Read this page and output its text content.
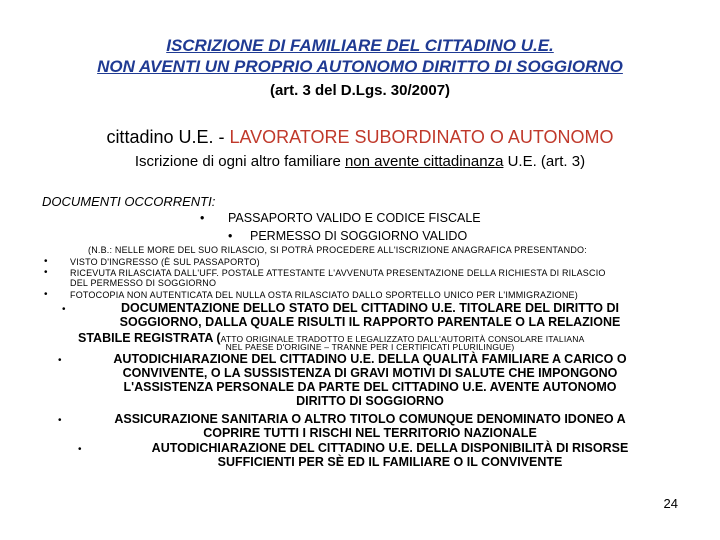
ISCRIZIONE DI FAMILIARE DEL CITTADINO U.E.
NON AVENTI UN PROPRIO AUTONOMO DIRITTO DI SOGGIORNO
(art. 3 del D.Lgs. 30/2007)
cittadino U.E. - LAVORATORE SUBORDINATO O AUTONOMO
Iscrizione di ogni altro familiare non avente cittadinanza U.E. (art. 3)
DOCUMENTI OCCORRENTI:
• PASSAPORTO VALIDO E CODICE FISCALE
• PERMESSO DI SOGGIORNO VALIDO
(N.B.: NELLE MORE DEL SUO RILASCIO, SI POTRÀ PROCEDERE ALL'ISCRIZIONE ANAGRAFICA PRESENTANDO:
• VISTO D'INGRESSO (È SUL PASSAPORTO)
• RICEVUTA RILASCIATA DALL'UFF. POSTALE ATTESTANTE L'AVVENUTA PRESENTAZIONE DELLA RICHIESTA DI RILASCIO
DEL PERMESSO DI SOGGIORNO
• FOTOCOPIA NON AUTENTICATA DEL NULLA OSTA RILASCIATO DALLO SPORTELLO UNICO PER L'IMMIGRAZIONE)
•	DOCUMENTAZIONE DELLO STATO DEL CITTADINO U.E. TITOLARE DEL DIRITTO DI
SOGGIORNO, DALLA QUALE RISULTI IL RAPPORTO PARENTALE O LA RELAZIONE
STABILE REGISTRATA (ATTO ORIGINALE TRADOTTO E LEGALIZZATO DALL'AUTORITÀ CONSOLARE ITALIANA
NEL PAESE D'ORIGINE – TRANNE PER I CERTIFICATI PLURILINGUE)
•	AUTODICHIARAZIONE DEL CITTADINO U.E. DELLA QUALITÀ FAMILIARE A CARICO O
CONVIVENTE, O LA SUSSISTENZA DI GRAVI MOTIVI DI SALUTE CHE IMPONGONO
L'ASSISTENZA PERSONALE DA PARTE DEL CITTADINO U.E. AVENTE AUTONOMO
DIRITTO DI SOGGIORNO
•	ASSICURAZIONE SANITARIA O ALTRO TITOLO COMUNQUE DENOMINATO IDONEO A
COPRIRE TUTTI I RISCHI NEL TERRITORIO NAZIONALE
•	AUTODICHIARAZIONE DEL CITTADINO U.E. DELLA DISPONIBILITÀ DI RISORSE
SUFFICIENTI PER SÈ ED IL FAMILIARE O IL CONVIVENTE
24
